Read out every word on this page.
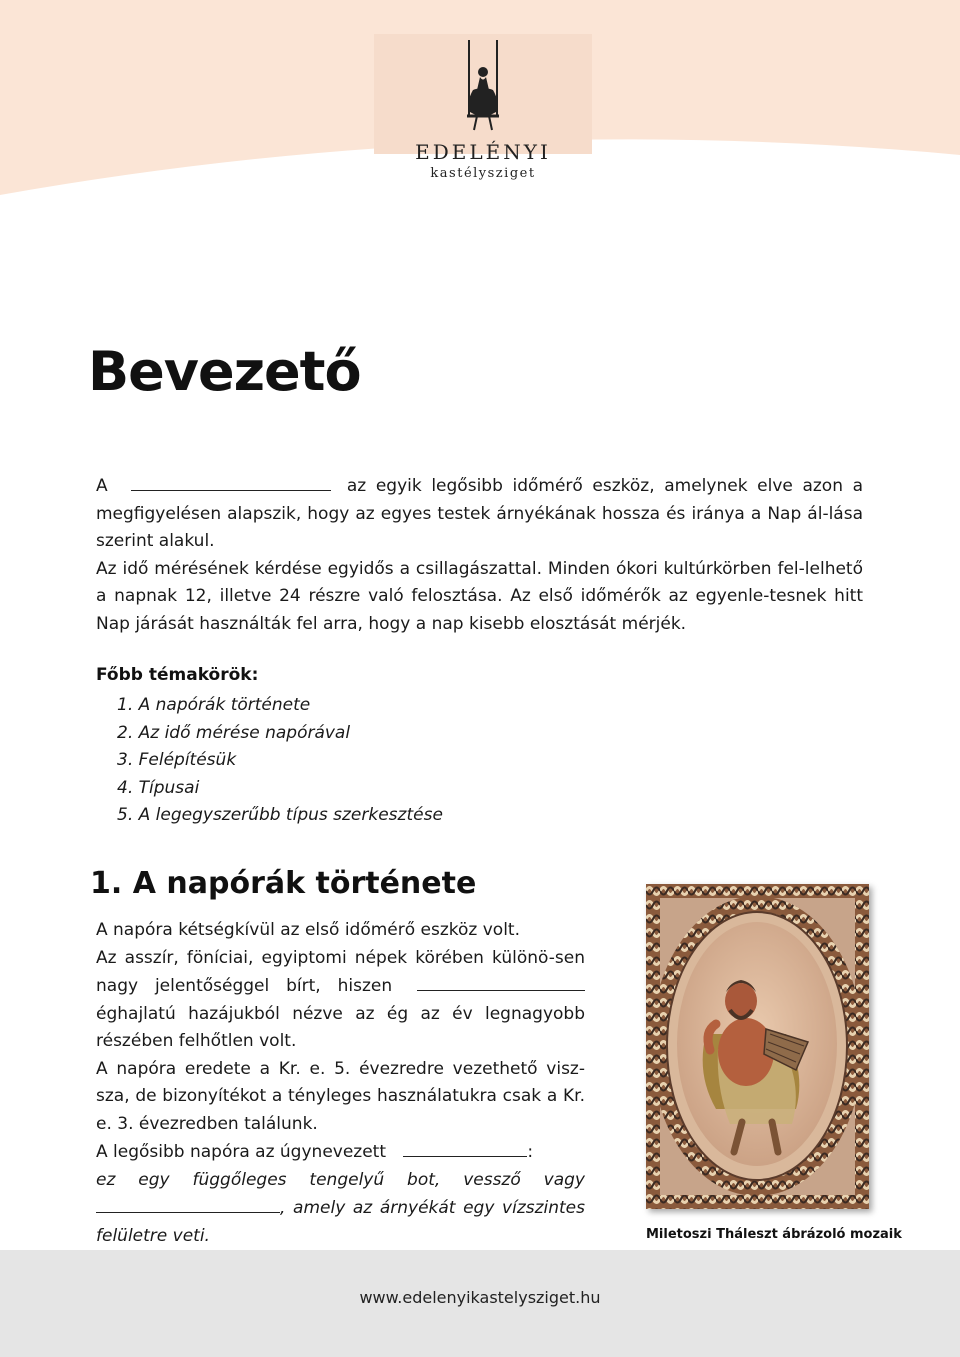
EDELÉNYI
kastélysziget
Bevezető

A	az egyik legősibb időmérő eszköz, amelynek elve azon a megfigyelésen alapszik, hogy az egyes testek árnyékának hossza és iránya a Nap ál-lása szerint alakul.

Az idő mérésének kérdése egyidős a csillagászattal. Minden ókori kultúrkörben fel-lelhető a napnak 12, illetve 24 részre való felosztása. Az első időmérők az egyenle-tesnek hitt Nap járását használták fel arra, hogy a nap kisebb elosztását mérjék.

Főbb témakörök:
1. A napórák története
2. Az idő mérése napórával
3. Felépítésük
4. Típusai
5. A legegyszerűbb típus szerkesztése
1. A napórák története

A napóra kétségkívül az első időmérő eszköz volt.

Az asszír, föníciai, egyiptomi népek körében különö-sen nagy jelentőséggel bírt, hiszen  éghajlatú hazájukból nézve az ég az év legnagyobb részében felhőtlen volt.

A napóra eredete a Kr. e. 5. évezredre vezethető visz-sza, de bizonyítékot a tényleges használatukra csak a Kr. e. 3. évezredben találunk.

A legősibb napóra az úgynevezett	:

ez egy függőleges tengelyű bot, vessző vagy , amely az árnyékát egy vízszintes felületre veti.	Miletoszi Tháleszt ábrázoló mozaik
www.edelenyikastelysziget.hu
